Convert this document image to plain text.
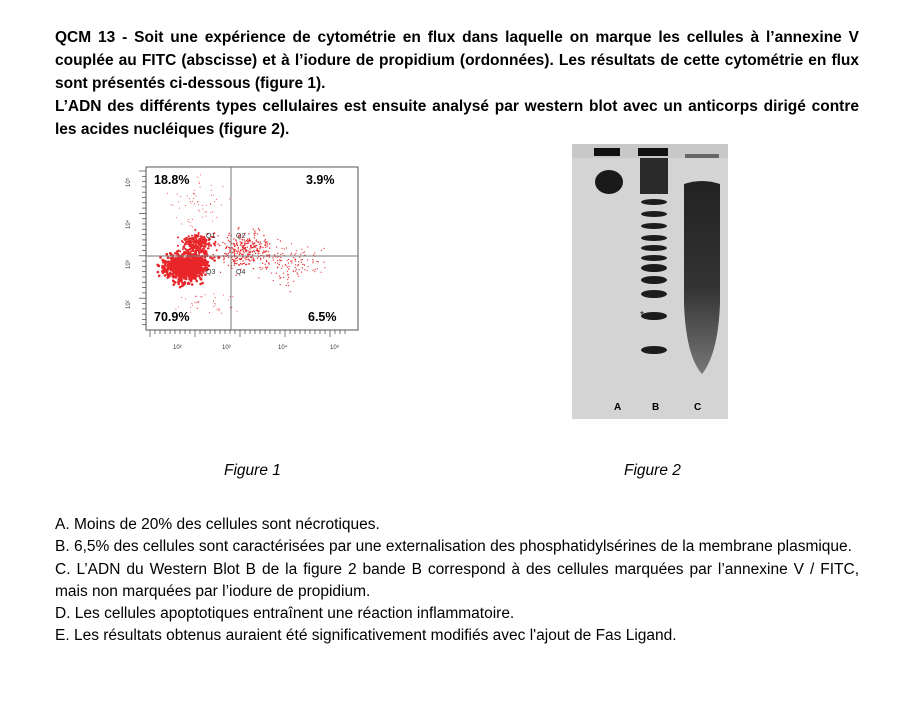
QCM 13 - Soit une expérience de cytométrie en flux dans laquelle on marque les cellules à l’annexine V couplée au FITC (abscisse) et à l’iodure de propidium (ordonnées). Les résultats de cette cytométrie en flux sont présentés ci-dessous (figure 1).

L’ADN des différents types cellulaires est ensuite analysé par western blot avec un anticorps dirigé contre les acides nucléiques (figure 2).

18.8%	3.9%
70.9%	6.5%
Q1	Q2
Q3	Q4
10²	10³	10⁴	10⁵
10⁵
10⁴
10³
10²
Figure 1
*
A	B	C
Figure 2

A. Moins de 20% des cellules sont nécrotiques.

B. 6,5% des cellules sont caractérisées par une externalisation des phosphatidylsérines de la membrane plasmique.

C. L’ADN du Western Blot B de la figure 2 bande B correspond à des cellules marquées par l’annexine V / FITC, mais non marquées par l’iodure de propidium.

D. Les cellules apoptotiques entraînent une réaction inflammatoire.

E. Les résultats obtenus auraient été significativement modifiés avec l'ajout de Fas Ligand.
